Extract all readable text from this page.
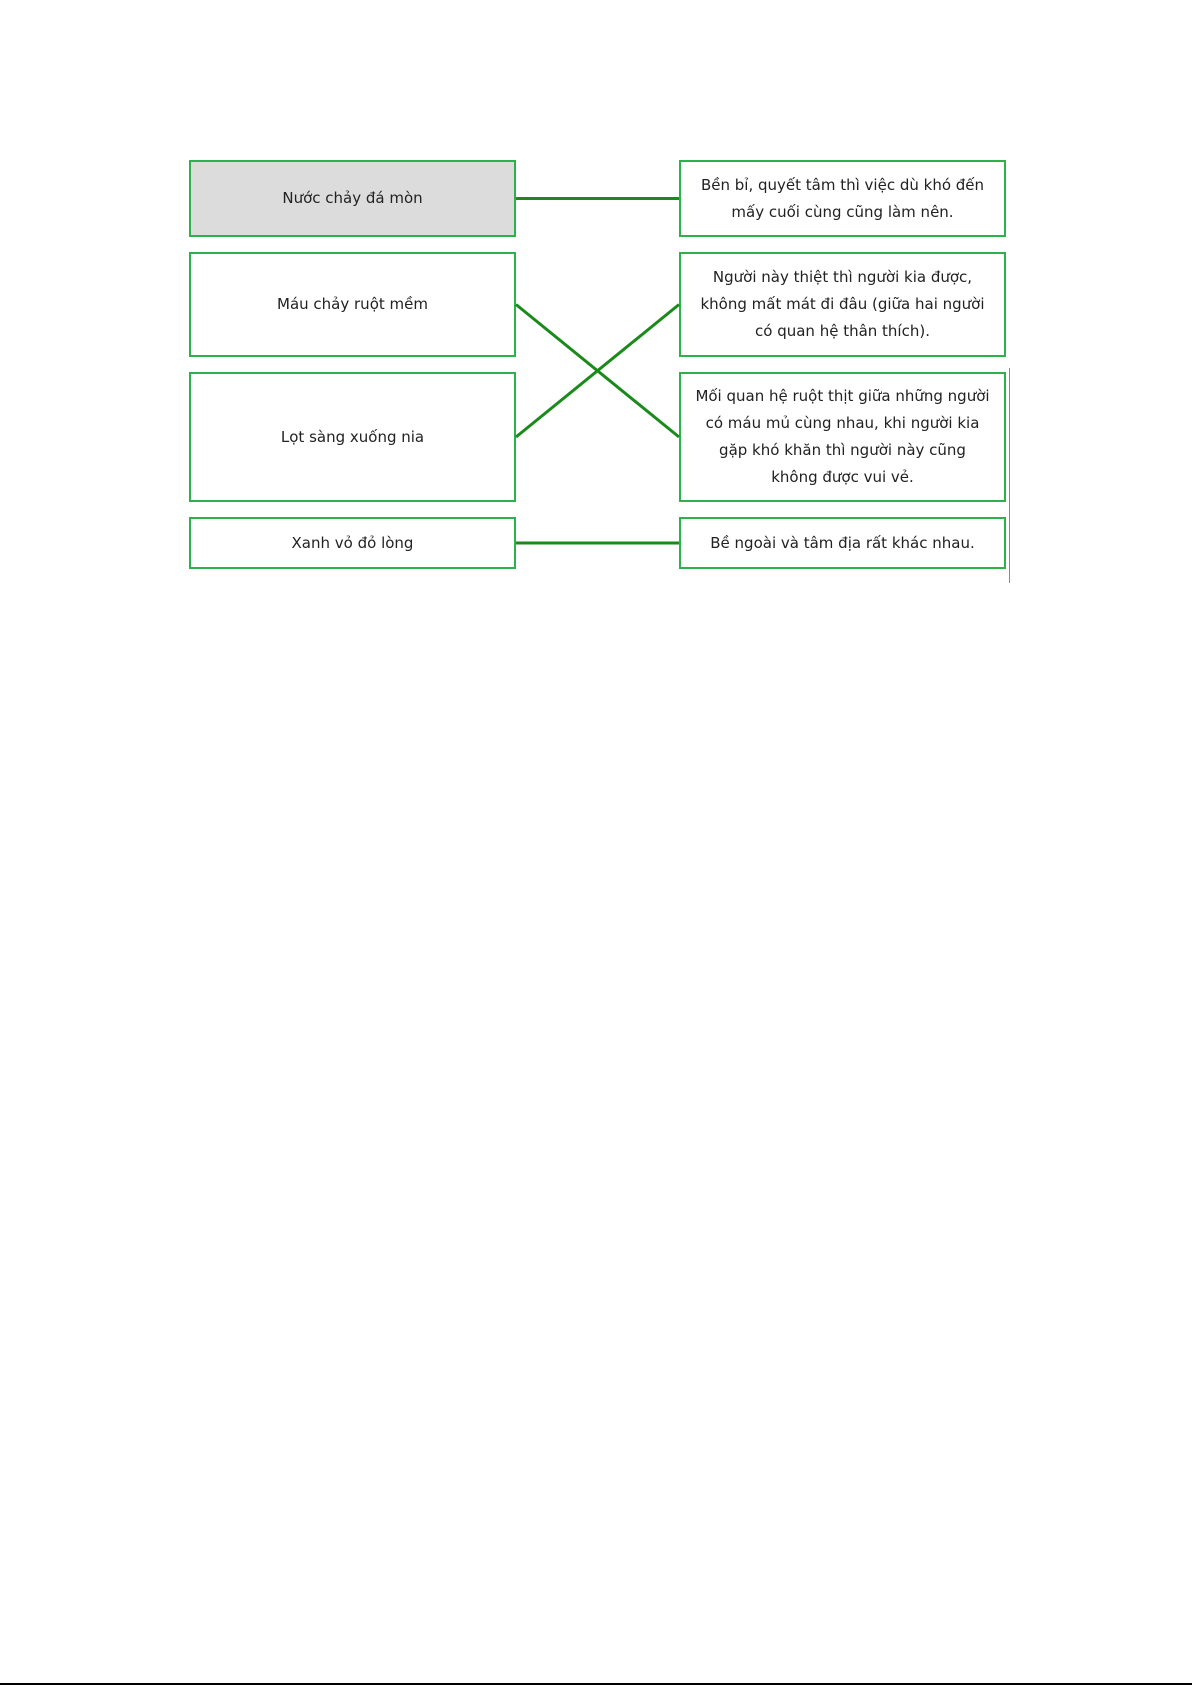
Nước chảy đá mòn
Máu chảy ruột mềm
Lọt sàng xuống nia
Xanh vỏ đỏ lòng
Bền bỉ, quyết tâm thì việc dù khó đến mấy cuối cùng cũng làm nên.
Người này thiệt thì người kia được, không mất mát đi đâu (giữa hai người có quan hệ thân thích).
Mối quan hệ ruột thịt giữa những người có máu mủ cùng nhau, khi người kia gặp khó khăn thì người này cũng không được vui vẻ.
Bề ngoài và tâm địa rất khác nhau.
